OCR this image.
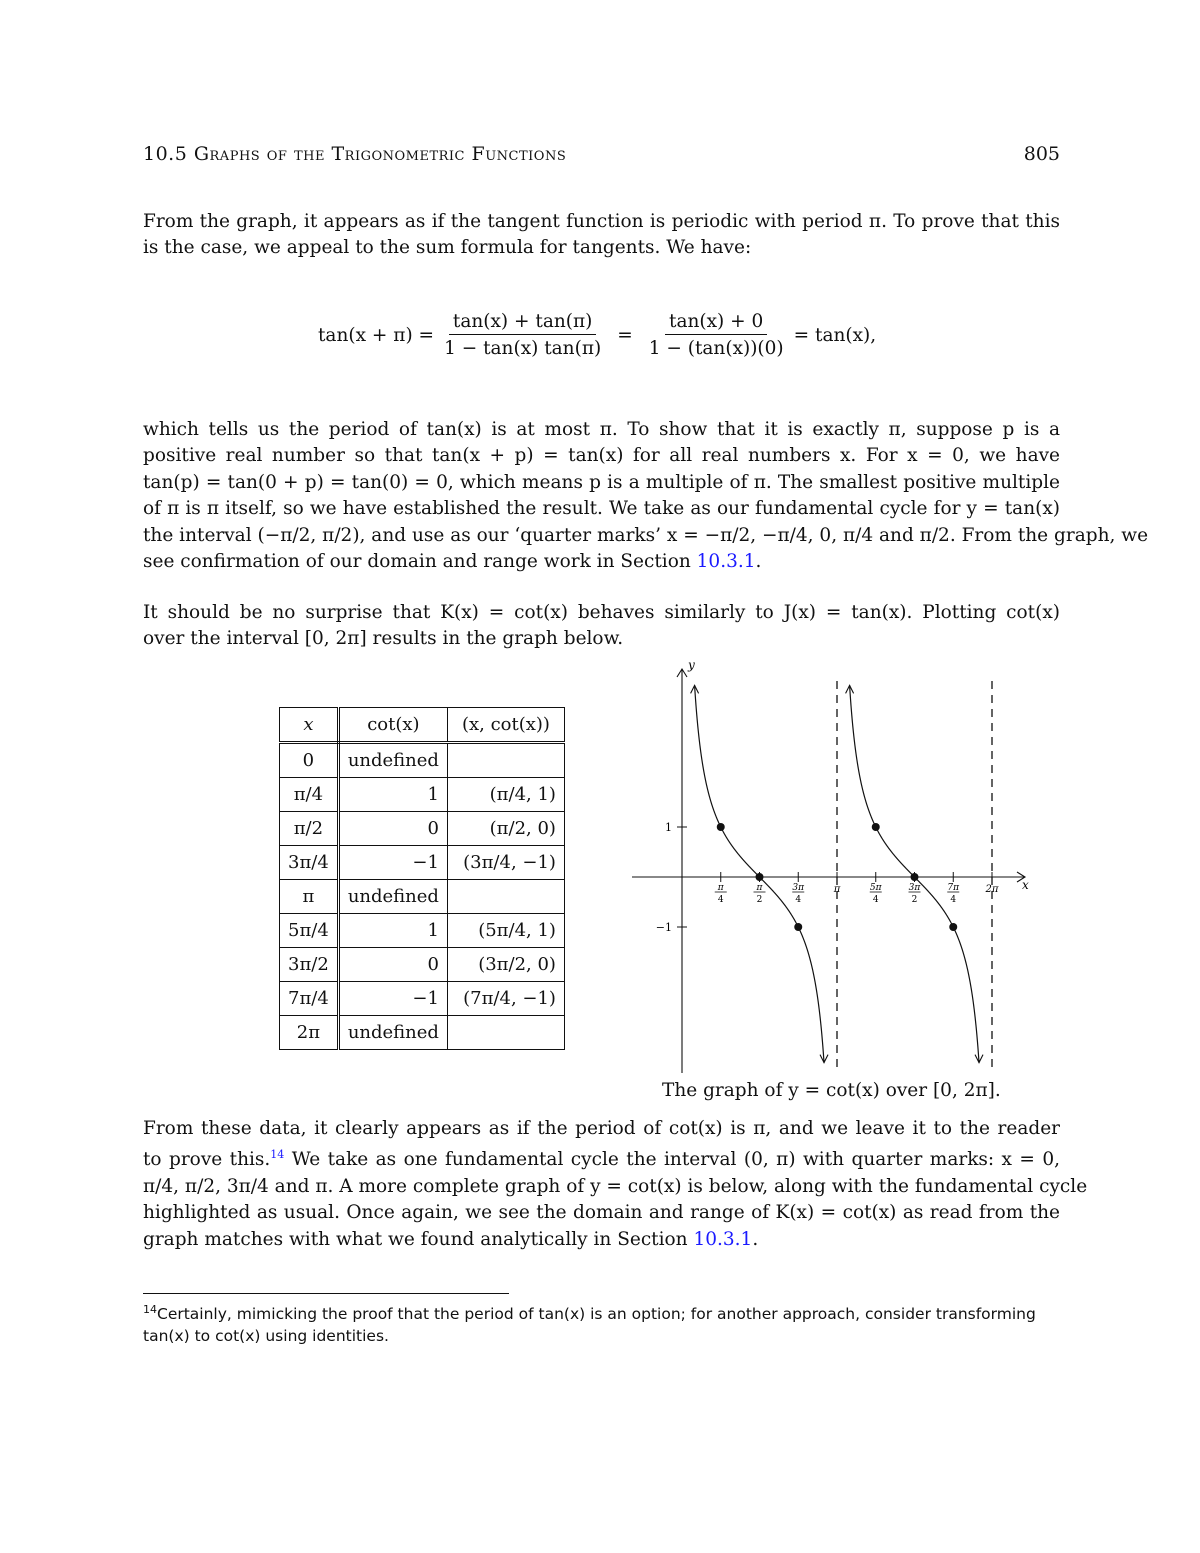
10.5 Graphs of the Trigonometric Functions	805
From the graph, it appears as if the tangent function is periodic with period π. To prove that this
is the case, we appeal to the sum formula for tangents. We have:
$\tan(x + \pi) = \frac{\tan(x) + \tan(\pi)}{1 - \tan(x) \tan(\pi)} = \frac{\tan(x) + 0}{1 - (\tan(x))(0)} = \tan(x)$,
which tells us the period of tan(x) is at most π. To show that it is exactly π, suppose p is a
positive real number so that tan(x + p) = tan(x) for all real numbers x. For x = 0, we have
tan(p) = tan(0 + p) = tan(0) = 0, which means p is a multiple of π. The smallest positive multiple
of π is π itself, so we have established the result. We take as our fundamental cycle for y = tan(x)
the interval (−π/2, π/2), and use as our ‘quarter marks’ x = −π/2, −π/4, 0, π/4 and π/2. From the graph, we
see confirmation of our domain and range work in Section 10.3.1.
It should be no surprise that K(x) = cot(x) behaves similarly to J(x) = tan(x). Plotting cot(x)
over the interval [0, 2π] results in the graph below.
x	cot(x)	(x, cot(x))
0	undefined	
π/4	1	(π/4, 1)
π/2	0	(π/2, 0)
3π/4	−1	(3π/4, −1)
π	undefined	
5π/4	1	(5π/4, 1)
3π/2	0	(3π/2, 0)
7π/4	−1	(7π/4, −1)
2π	undefined	
x
y
1
−1
π
4
π
2
3π
4
π	5π
4
3π
2
7π
4
2π
The graph of y = cot(x) over [0, 2π].
From these data, it clearly appears as if the period of cot(x) is π, and we leave it to the reader
to prove this.$^{14}$ We take as one fundamental cycle the interval (0, π) with quarter marks: x = 0,
π/4, π/2, 3π/4 and π. A more complete graph of y = cot(x) is below, along with the fundamental cycle
highlighted as usual. Once again, we see the domain and range of K(x) = cot(x) as read from the
graph matches with what we found analytically in Section 10.3.1.
$^{14}$Certainly, mimicking the proof that the period of tan(x) is an option; for another approach, consider transforming
tan(x) to cot(x) using identities.
